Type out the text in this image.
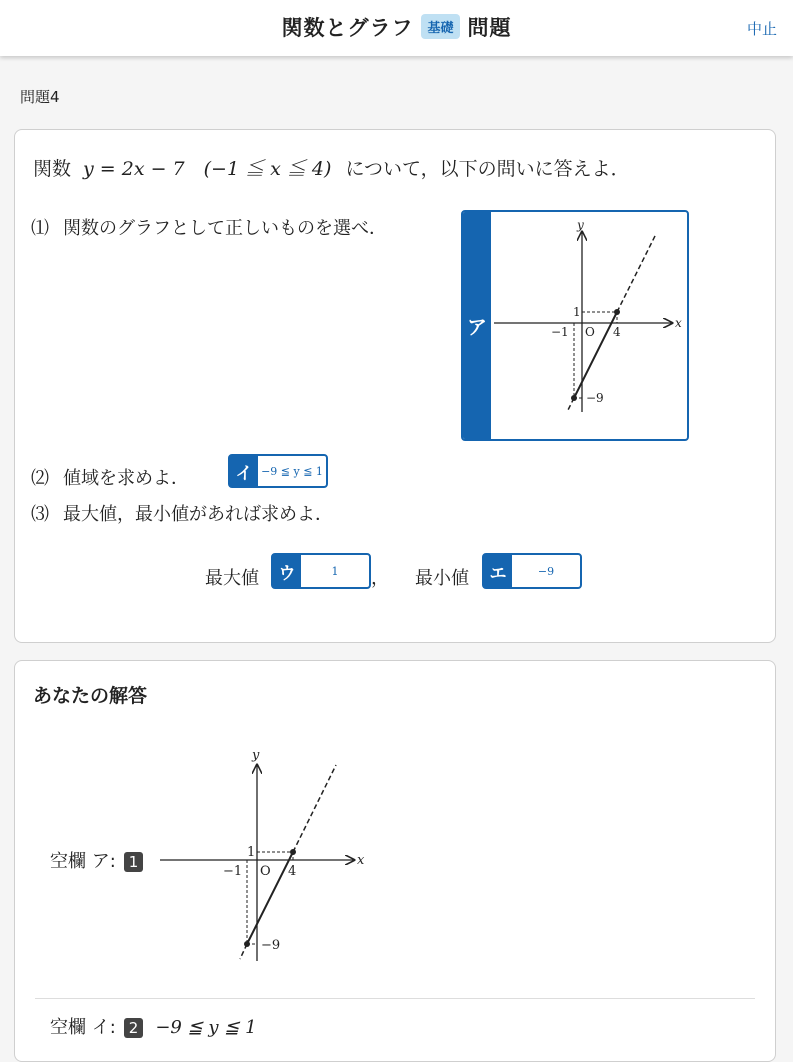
関数とグラフ 基礎 問題	中止
問題4
関数 y = 2x − 7　(−1 ≦ x ≦ 4) について，以下の問いに答えよ．
⑴ 関数のグラフとして正しいものを選べ．
ア
y
x
O
1
−1	4
−9
⑵ 値域を求めよ．	イ −9 ≦ y ≦ 1
⑶ 最大値，最小値があれば求めよ．
最大値	ウ	1	， 最小値	エ	−9
あなたの解答
空欄 ア: 1
y
x
O
1
−1	4
−9
空欄 イ: 2 −9 ≦ y ≦ 1
